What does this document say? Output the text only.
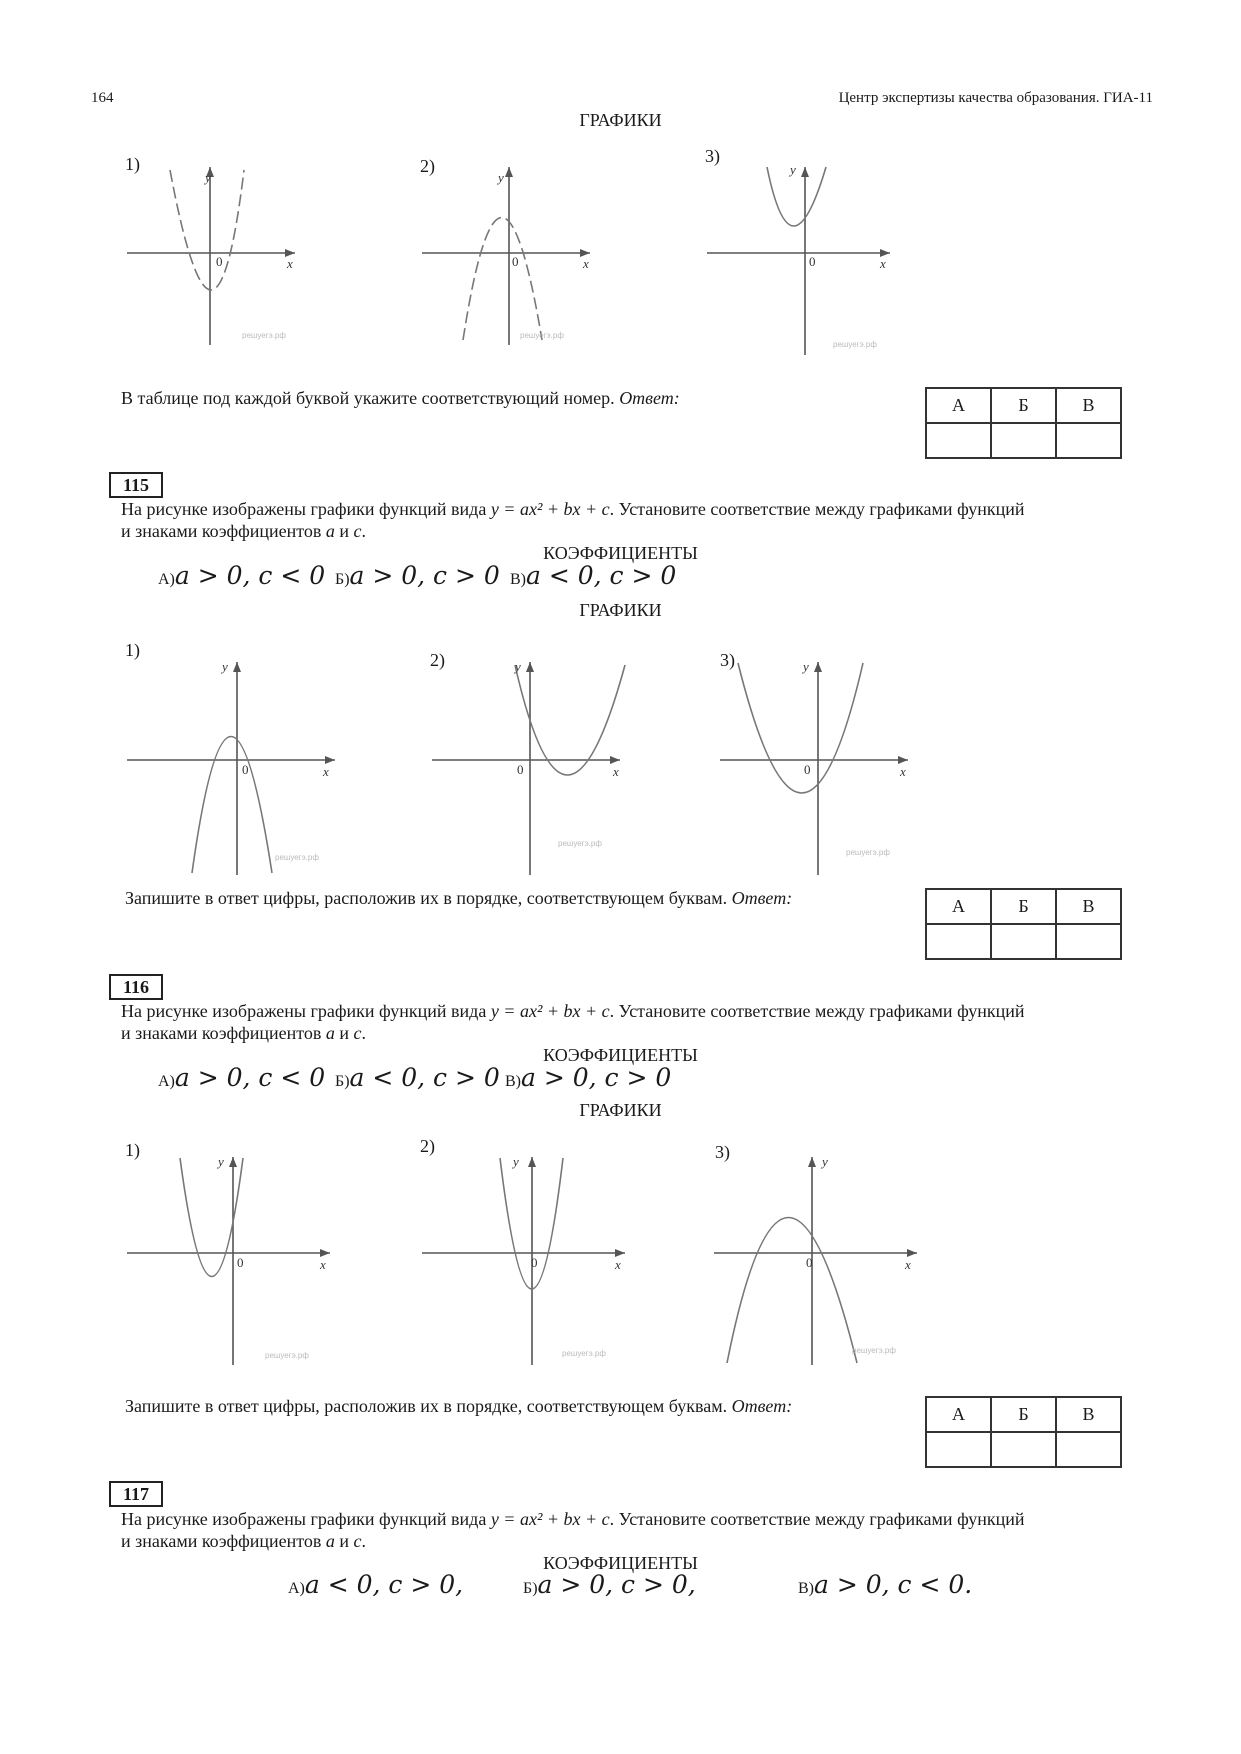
164	Центр экспертизы качества образования. ГИА-11
ГРАФИКИ
1)	2)	3)
x
y
0
решуегэ.рф
x
y
0
решуегэ.рф
x
y
0
решуегэ.рф
В таблице под каждой буквой укажите соответствующий номер. Ответ:	А	Б	В

115
На рисунке изображены графики функций вида y = ax² + bx + c. Установите соответствие между графиками функций
и знаками коэффициентов a и c.
КОЭФФИЦИЕНТЫ
А)a > 0, c < 0 Б)a > 0, c > 0 В)a < 0, c > 0
ГРАФИКИ
1)	2)	3)
x
y
0
решуегэ.рф
x
y
0
решуегэ.рф
x
y
0
решуегэ.рф
Запишите в ответ цифры, расположив их в порядке, соответствующем буквам. Ответ:	А	Б	В

116
На рисунке изображены графики функций вида y = ax² + bx + c. Установите соответствие между графиками функций
и знаками коэффициентов a и c.
КОЭФФИЦИЕНТЫ
А)a > 0, c < 0 Б)a < 0, c > 0 В)a > 0, c > 0
ГРАФИКИ
1)	2)	3)
x
y
0
решуегэ.рф
x
y
0
решуегэ.рф
x
y
0
решуегэ.рф
Запишите в ответ цифры, расположив их в порядке, соответствующем буквам. Ответ:	А	Б	В

117
На рисунке изображены графики функций вида y = ax² + bx + c. Установите соответствие между графиками функций
и знаками коэффициентов a и c.
КОЭФФИЦИЕНТЫ
А)a < 0, c > 0,	Б)a > 0, c > 0,	В)a > 0, c < 0.
